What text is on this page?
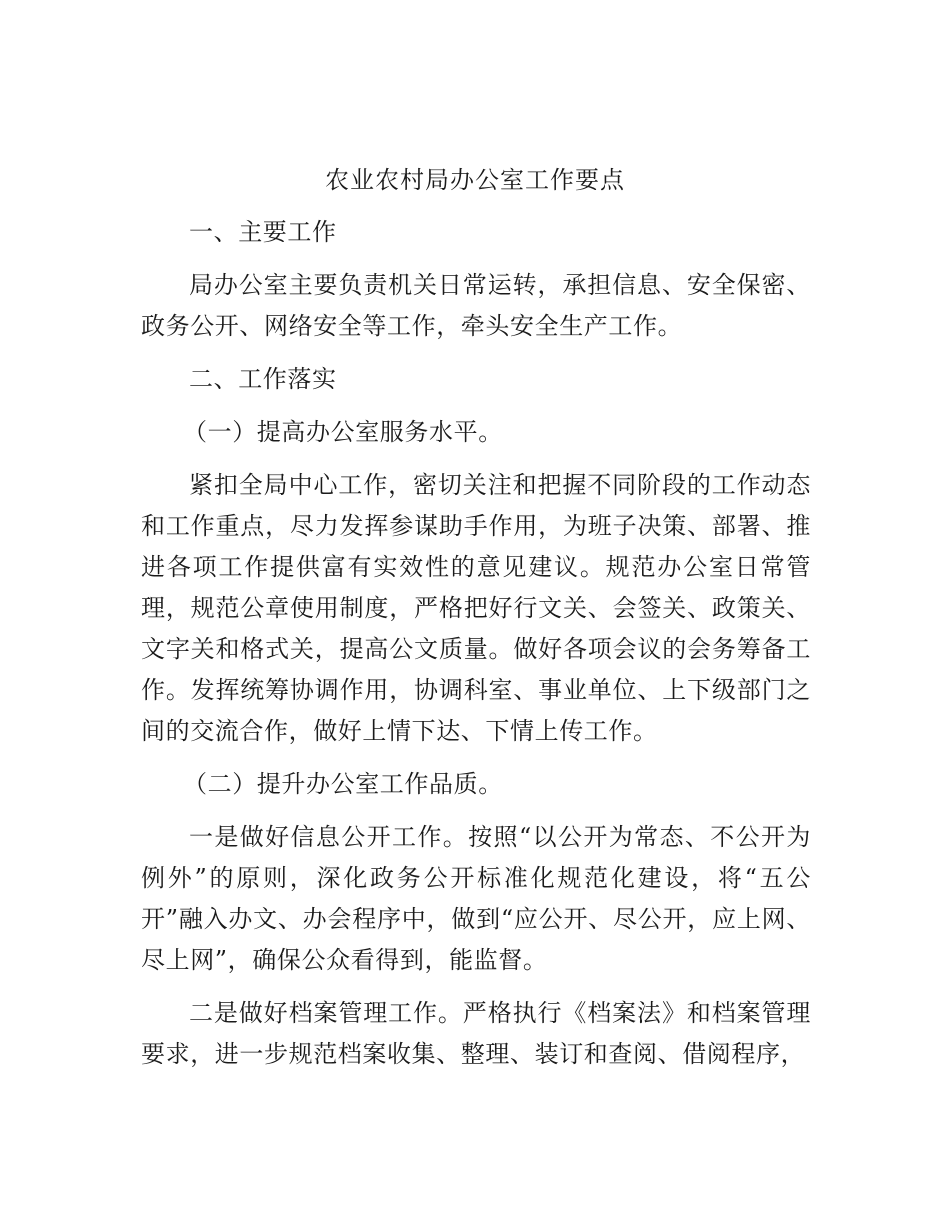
农业农村局办公室工作要点

一、主要工作

局办公室主要负责机关日常运转，承担信息、安全保密、政务公开、网络安全等工作，牵头安全生产工作。

二、工作落实

（一）提高办公室服务水平。

紧扣全局中心工作，密切关注和把握不同阶段的工作动态和工作重点，尽力发挥参谋助手作用，为班子决策、部署、推进各项工作提供富有实效性的意见建议。规范办公室日常管理，规范公章使用制度，严格把好行文关、会签关、政策关、文字关和格式关，提高公文质量。做好各项会议的会务筹备工作。发挥统筹协调作用，协调科室、事业单位、上下级部门之间的交流合作，做好上情下达、下情上传工作。

（二）提升办公室工作品质。

一是做好信息公开工作。按照“以公开为常态、不公开为例外”的原则，深化政务公开标准化规范化建设，将“五公开”融入办文、办会程序中，做到“应公开、尽公开，应上网、尽上网”，确保公众看得到，能监督。

二是做好档案管理工作。严格执行《档案法》和档案管理要求，进一步规范档案收集、整理、装订和查阅、借阅程序，
